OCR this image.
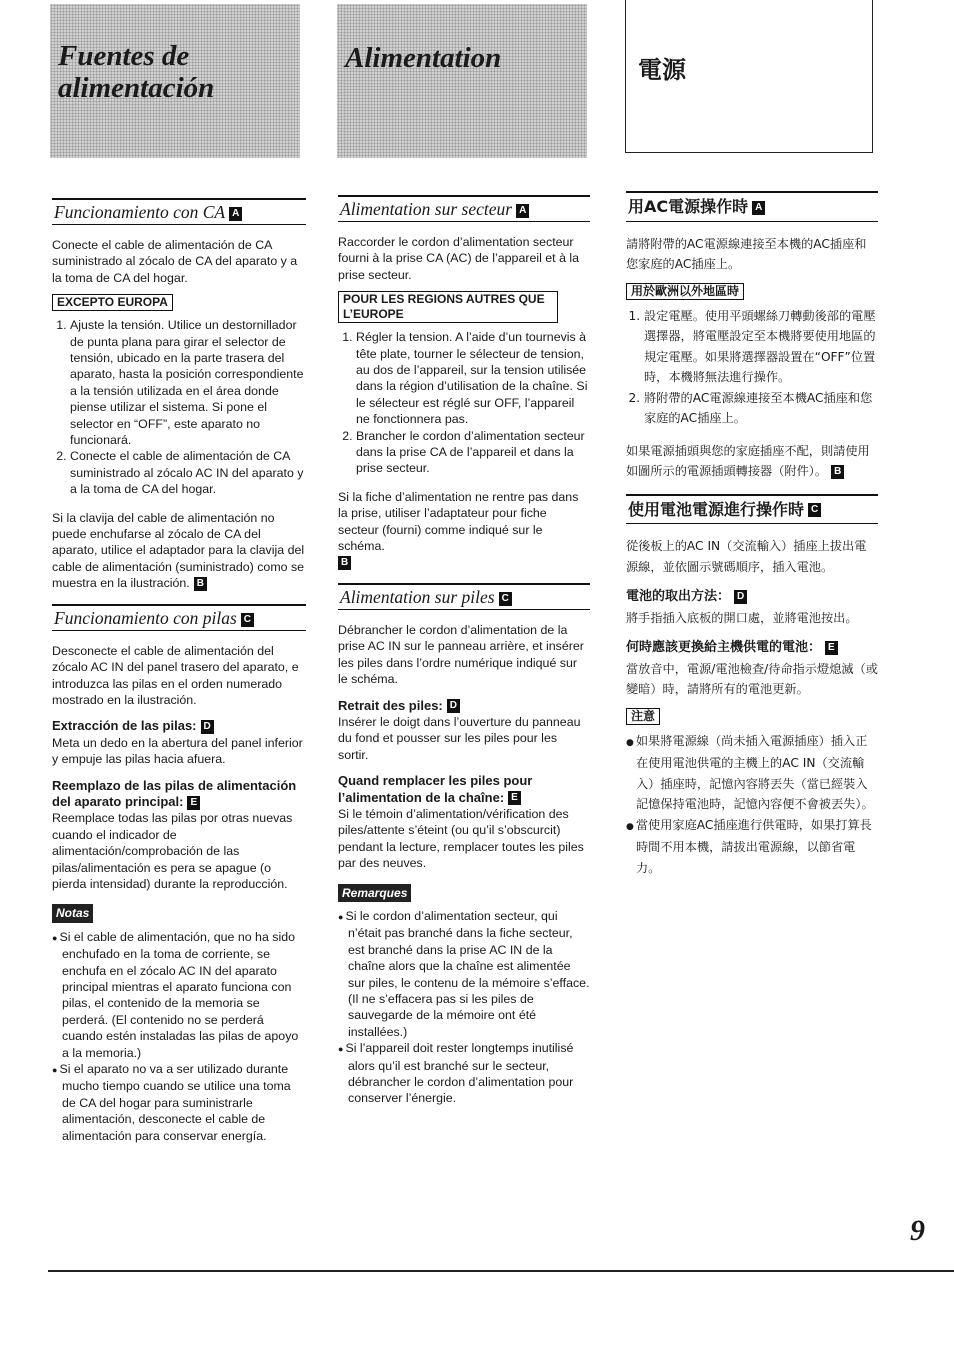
Fuentes de alimentación
Alimentation	電源
Funcionamiento con CA A

Conecte el cable de alimentación de CA suministrado al zócalo de CA del aparato y a la toma de CA del hogar.

EXCEPTO EUROPA
1. Ajuste la tensión. Utilice un destornillador de punta plana para girar el selector de tensión, ubicado en la parte trasera del aparato, hasta la posición correspondiente a la tensión utilizada en el área donde piense utilizar el sistema. Si pone el selector en “OFF”, este aparato no funcionará.
2. Conecte el cable de alimentación de CA suministrado al zócalo AC IN del aparato y a la toma de CA del hogar.

Si la clavija del cable de alimentación no puede enchufarse al zócalo de CA del aparato, utilice el adaptador para la clavija del cable de alimentación (suministrado) como se muestra en la ilustración. B

Funcionamiento con pilas C

Desconecte el cable de alimentación del zócalo AC IN del panel trasero del aparato, e introduzca las pilas en el orden numerado mostrado en la ilustración.

Extracción de las pilas: D

Meta un dedo en la abertura del panel inferior y empuje las pilas hacia afuera.

Reemplazo de las pilas de alimentación del aparato principal: E

Reemplace todas las pilas por otras nuevas cuando el indicador de alimentación/comprobación de las pilas/alimentación es pera se apague (o pierda intensidad) durante la reproducción.

Notas
● Si el cable de alimentación, que no ha sido enchufado en la toma de corriente, se enchufa en el zócalo AC IN del aparato principal mientras el aparato funciona con pilas, el contenido de la memoria se perderá. (El contenido no se perderá cuando estén instaladas las pilas de apoyo a la memoria.)
● Si el aparato no va a ser utilizado durante mucho tiempo cuando se utilice una toma de CA del hogar para suministrarle alimentación, desconecte el cable de alimentación para conservar energía.
Alimentation sur secteur A

Raccorder le cordon d’alimentation secteur fourni à la prise CA (AC) de l’appareil et à la prise secteur.

POUR LES REGIONS AUTRES QUE L’EUROPE
1. Régler la tension. A l’aide d’un tournevis à tête plate, tourner le sélecteur de tension, au dos de l’appareil, sur la tension utilisée dans la région d’utilisation de la chaîne. Si le sélecteur est réglé sur OFF, l’appareil ne fonctionnera pas.
2. Brancher le cordon d’alimentation secteur dans la prise CA de l’appareil et dans la prise secteur.

Si la fiche d’alimentation ne rentre pas dans la prise, utiliser l’adaptateur pour fiche secteur (fourni) comme indiqué sur le schéma.

B
Alimentation sur piles C

Débrancher le cordon d’alimentation de la prise AC IN sur le panneau arrière, et insérer les piles dans l’ordre numérique indiqué sur le schéma.

Retrait des piles: D

Insérer le doigt dans l’ouverture du panneau du fond et pousser sur les piles pour les sortir.

Quand remplacer les piles pour l’alimentation de la chaîne: E

Si le témoin d’alimentation/vérification des piles/attente s’éteint (ou qu’il s’obscurcit) pendant la lecture, remplacer toutes les piles par des neuves.

Remarques
● Si le cordon d’alimentation secteur, qui n’était pas branché dans la fiche secteur, est branché dans la prise AC IN de la chaîne alors que la chaîne est alimentée sur piles, le contenu de la mémoire s’efface. (Il ne s’effacera pas si les piles de sauvegarde de la mémoire ont été installées.)
● Si l’appareil doit rester longtemps inutilisé alors qu’il est branché sur le secteur, débrancher le cordon d’alimentation pour conserver l’énergie.
用AC電源操作時 A

請將附帶的AC電源線連接至本機的AC插座和您家庭的AC插座上。

用於歐洲以外地區時
1. 設定電壓。使用平頭螺絲刀轉動後部的電壓選擇器，將電壓設定至本機將要使用地區的規定電壓。如果將選擇器設置在“OFF”位置時，本機將無法進行操作。
2. 將附帶的AC電源線連接至本機AC插座和您家庭的AC插座上。

如果電源插頭與您的家庭插座不配，則請使用如圖所示的電源插頭轉接器（附件）。 B

使用電池電源進行操作時 C

從後板上的AC IN（交流輸入）插座上拔出電源線，並依圖示號碼順序，插入電池。

電池的取出方法： D

將手指插入底板的開口處，並將電池按出。

何時應該更換給主機供電的電池： E

當放音中，電源/電池檢查/待命指示燈熄滅（或變暗）時，請將所有的電池更新。

注意
● 如果將電源線（尚未插入電源插座）插入正在使用電池供電的主機上的AC IN（交流輸入）插座時，記憶內容將丟失（當已經裝入記憶保持電池時，記憶內容便不會被丟失）。
● 當使用家庭AC插座進行供電時，如果打算長時間不用本機，請拔出電源線，以節省電力。
9
